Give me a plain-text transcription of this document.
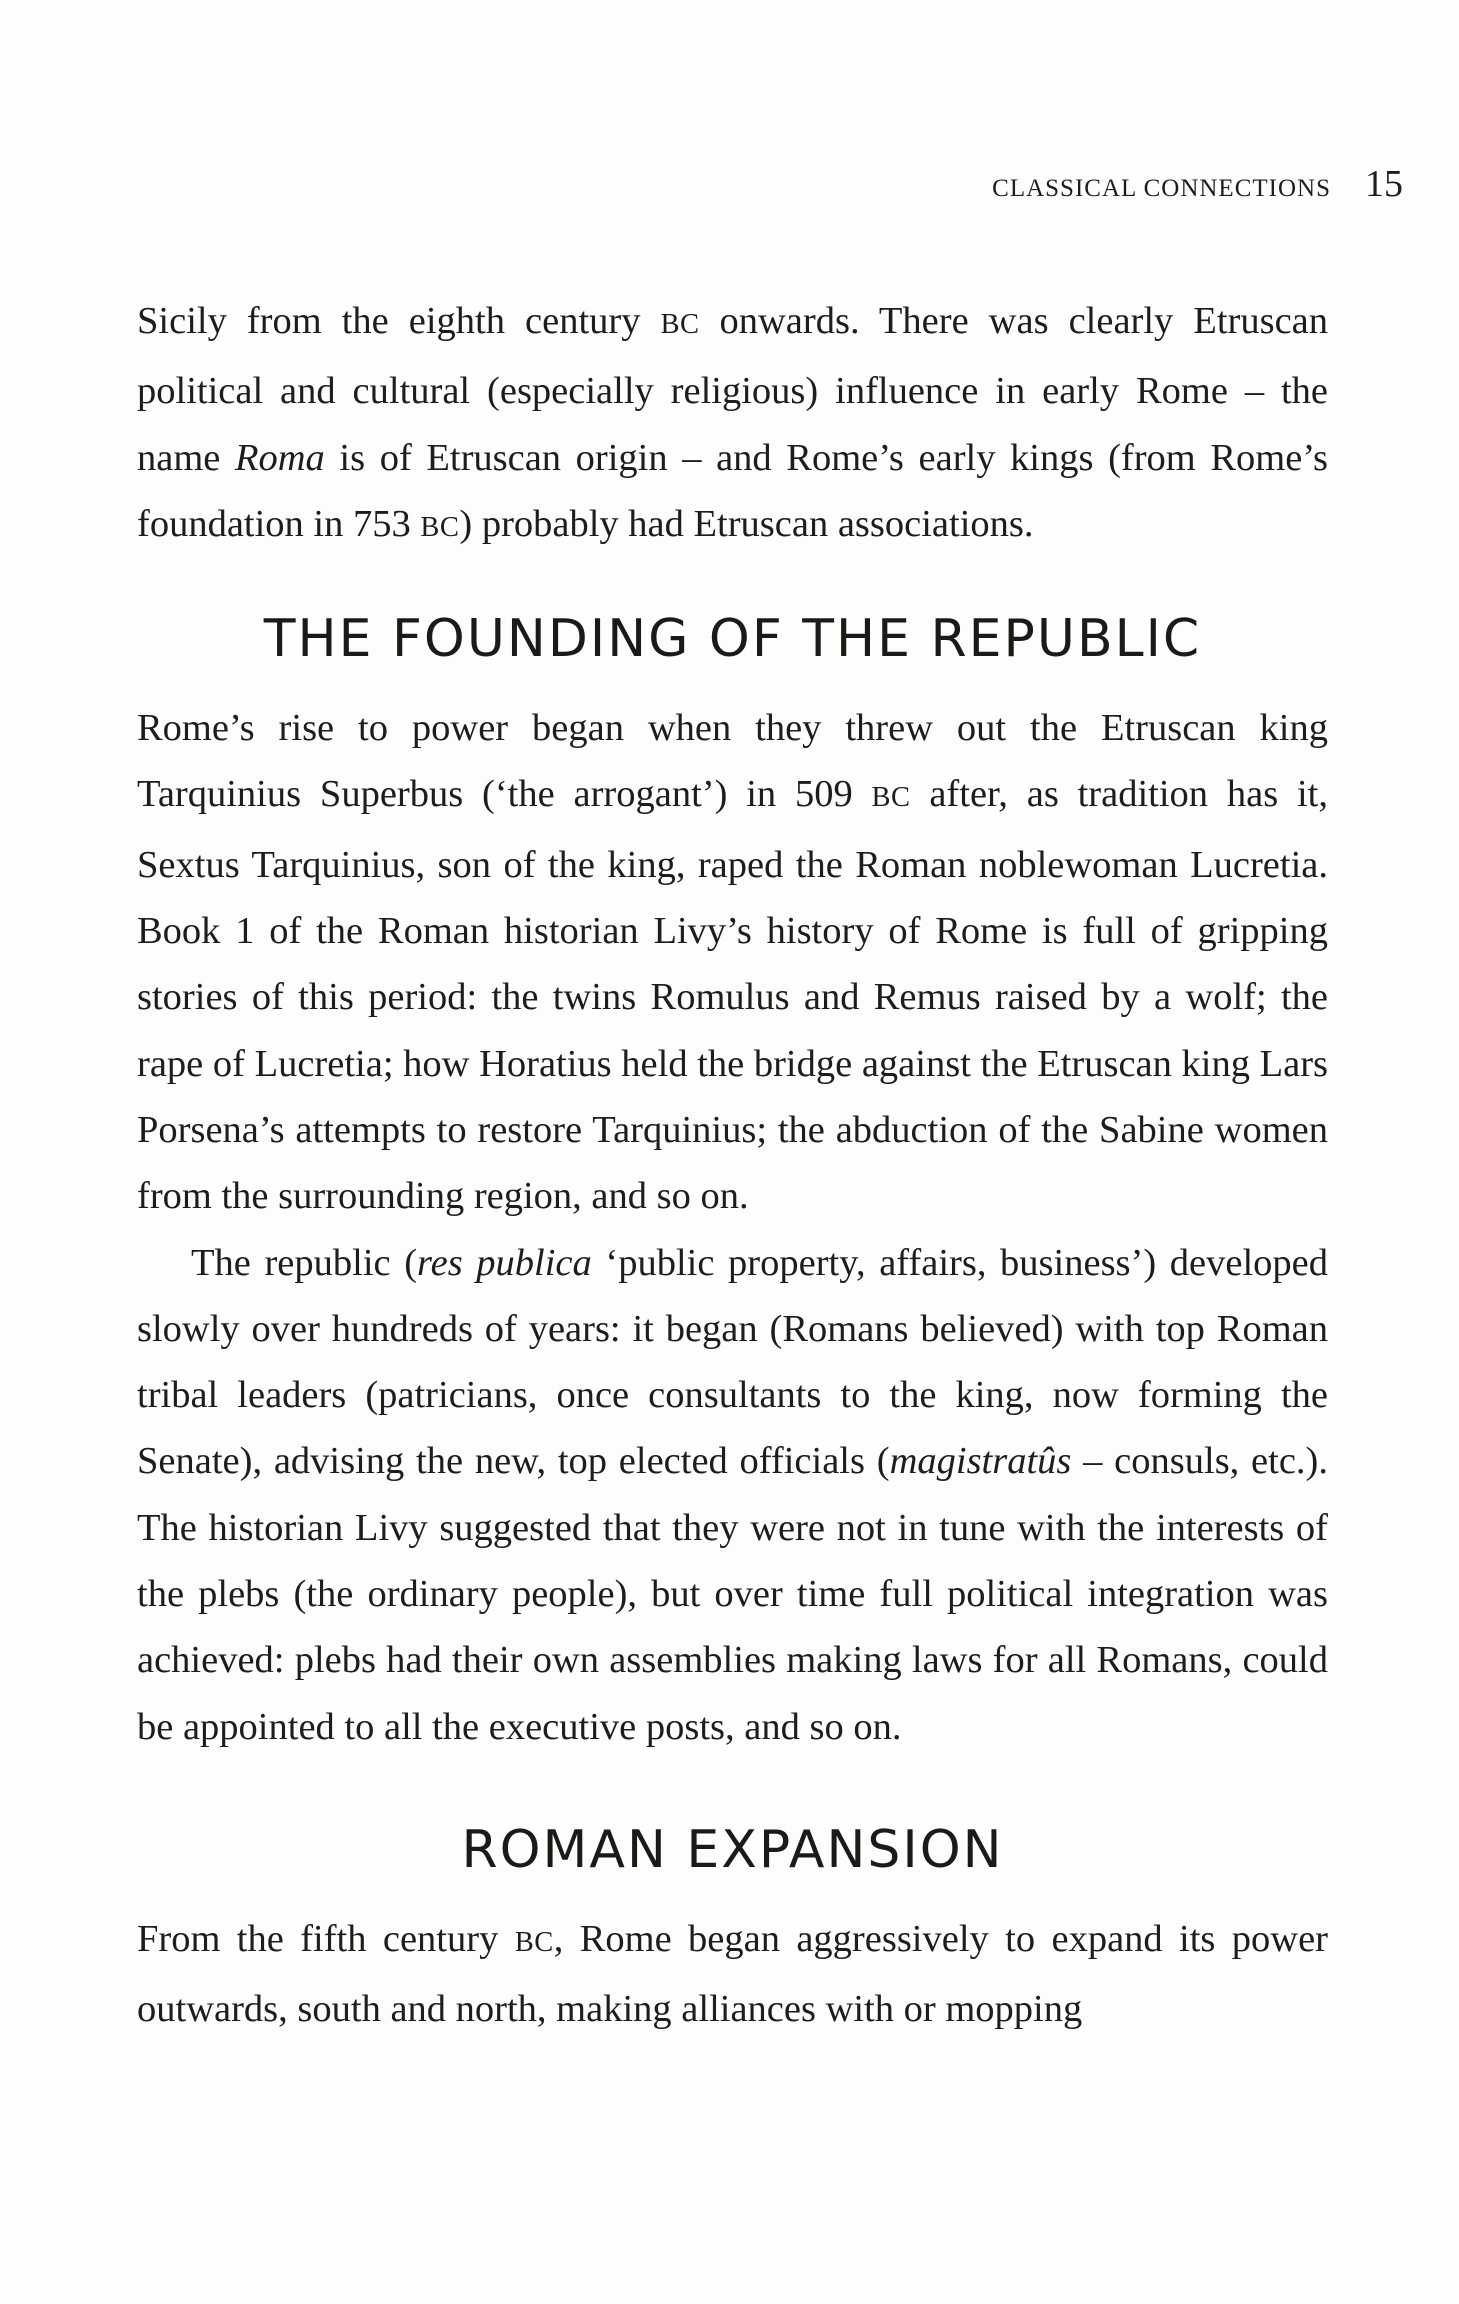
CLASSICAL CONNECTIONS 15

Sicily from the eighth century BC onwards. There was clearly Etruscan political and cultural (especially religious) influence in early Rome – the name Roma is of Etruscan origin – and Rome’s early kings (from Rome’s foundation in 753 BC) probably had Etruscan associations.

THE FOUNDING OF THE REPUBLIC

Rome’s rise to power began when they threw out the Etruscan king Tarquinius Superbus (‘the arrogant’) in 509 BC after, as tradition has it, Sextus Tarquinius, son of the king, raped the Roman noblewoman Lucretia. Book 1 of the Roman historian Livy’s history of Rome is full of gripping stories of this period: the twins Romulus and Remus raised by a wolf; the rape of Lucretia; how Horatius held the bridge against the Etruscan king Lars Porsena’s attempts to restore Tarquinius; the abduction of the Sabine women from the surrounding region, and so on.

The republic (res publica ‘public property, affairs, business’) developed slowly over hundreds of years: it began (Romans believed) with top Roman tribal leaders (patricians, once consultants to the king, now forming the Senate), advising the new, top elected officials (magistratûs – consuls, etc.). The historian Livy suggested that they were not in tune with the interests of the plebs (the ordinary people), but over time full political integration was achieved: plebs had their own assemblies making laws for all Romans, could be appointed to all the executive posts, and so on.

ROMAN EXPANSION

From the fifth century BC, Rome began aggressively to expand its power outwards, south and north, making alliances with or mopping
